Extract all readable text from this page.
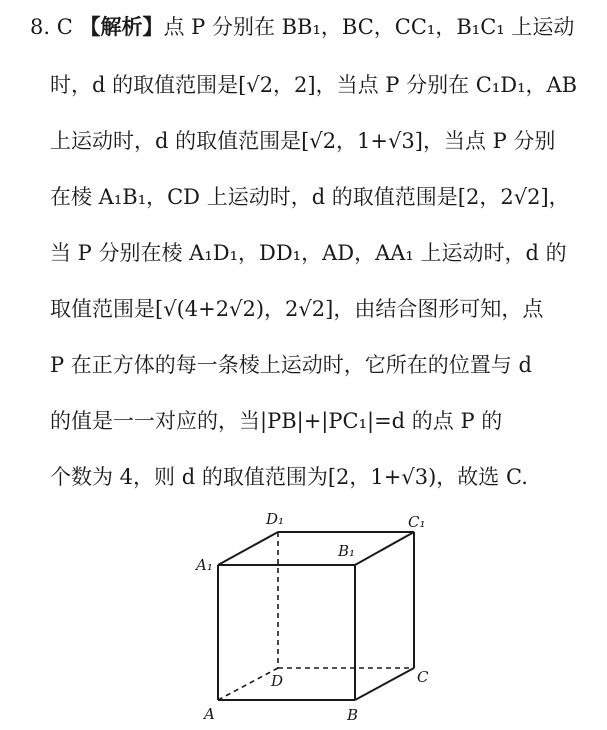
8. C 【解析】点 P 分别在 BB₁，BC，CC₁，B₁C₁ 上运动
时，d 的取值范围是[√2，2]，当点 P 分别在 C₁D₁，AB
上运动时，d 的取值范围是[√2，1+√3]，当点 P 分别
在棱 A₁B₁，CD 上运动时，d 的取值范围是[2，2√2]，
当 P 分别在棱 A₁D₁，DD₁，AD，AA₁ 上运动时，d 的
取值范围是[√(4+2√2)，2√2]，由结合图形可知，点
P 在正方体的每一条棱上运动时，它所在的位置与 d
的值是一一对应的，当|PB|+|PC₁|=d 的点 P 的
个数为 4，则 d 的取值范围为[2，1+√3)，故选 C.
D₁	C₁
A₁
B₁
D	C
A	B
